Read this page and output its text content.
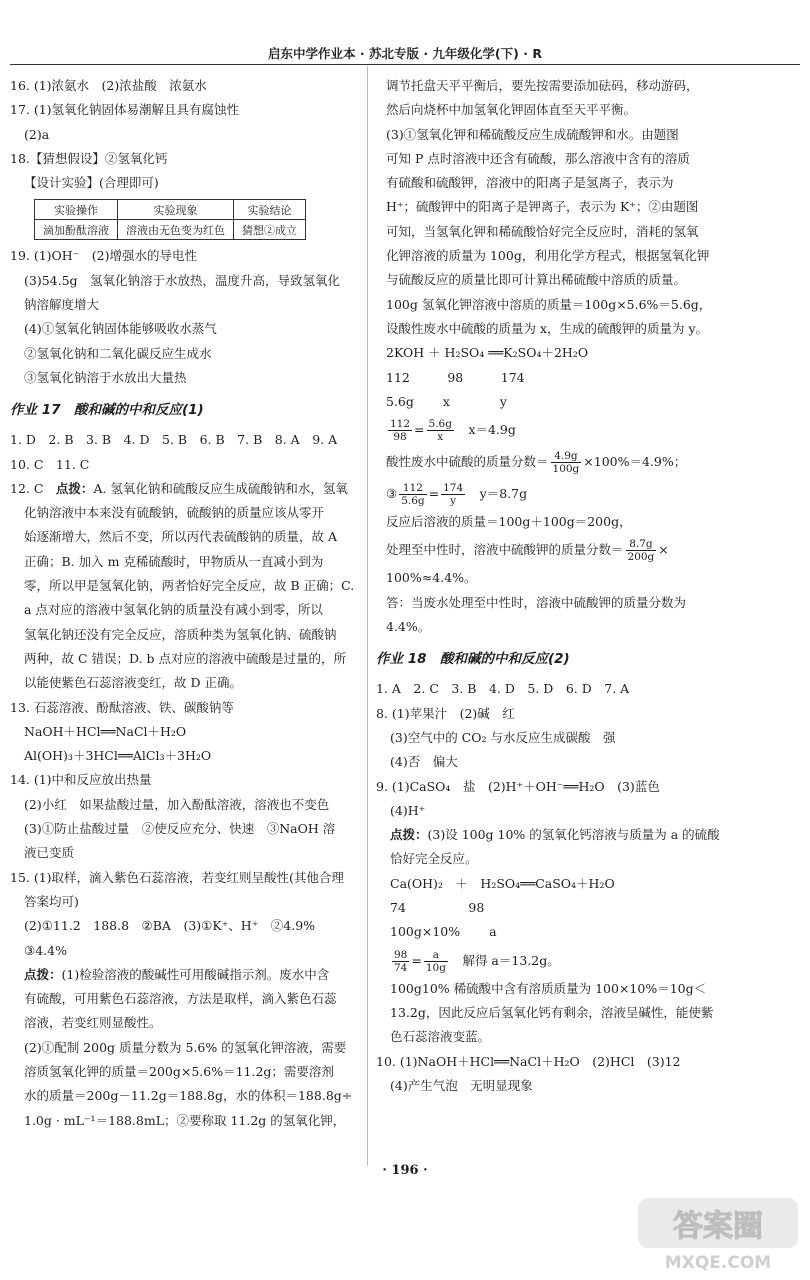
启东中学作业本 · 苏北专版 · 九年级化学(下) · R
16. (1)浓氨水　(2)浓盐酸　浓氨水
17. (1)氢氧化钠固体易潮解且具有腐蚀性
(2)a
18.【猜想假设】②氢氧化钙
【设计实验】(合理即可)
实验操作	实验现象	实验结论
滴加酚酞溶液	溶液由无色变为红色	猜想②成立
19. (1)OH⁻　(2)增强水的导电性
(3)54.5g　氢氧化钠溶于水放热，温度升高，导致氢氧化
钠溶解度增大
(4)①氢氧化钠固体能够吸收水蒸气
②氢氧化钠和二氧化碳反应生成水
③氢氧化钠溶于水放出大量热
作业 17　酸和碱的中和反应(1)
1. D　2. B　3. B　4. D　5. B　6. B　7. B　8. A　9. A
10. C　11. C
12. C　点拨：A. 氢氧化钠和硫酸反应生成硫酸钠和水，氢氧
化钠溶液中本来没有硫酸钠，硫酸钠的质量应该从零开
始逐渐增大，然后不变，所以丙代表硫酸钠的质量，故 A
正确；B. 加入 m 克稀硫酸时，甲物质从一直减小到为
零，所以甲是氢氧化钠，两者恰好完全反应，故 B 正确；C.
a 点对应的溶液中氢氧化钠的质量没有减小到零，所以
氢氧化钠还没有完全反应，溶质种类为氢氧化钠、硫酸钠
两种，故 C 错误；D. b 点对应的溶液中硫酸是过量的，所
以能使紫色石蕊溶液变红，故 D 正确。
13. 石蕊溶液、酚酞溶液、铁、碳酸钠等
NaOH＋HCl══NaCl＋H₂O
Al(OH)₃＋3HCl══AlCl₃＋3H₂O
14. (1)中和反应放出热量
(2)小红　如果盐酸过量，加入酚酞溶液，溶液也不变色
(3)①防止盐酸过量　②使反应充分、快速　③NaOH 溶
液已变质
15. (1)取样，滴入紫色石蕊溶液，若变红则呈酸性(其他合理
答案均可)
(2)①11.2　188.8　②BA　(3)①K⁺、H⁺　②4.9%
③4.4%
点拨：(1)检验溶液的酸碱性可用酸碱指示剂。废水中含
有硫酸，可用紫色石蕊溶液，方法是取样，滴入紫色石蕊
溶液，若变红则显酸性。
(2)①配制 200g 质量分数为 5.6% 的氢氧化钾溶液，需要
溶质氢氧化钾的质量＝200g×5.6%＝11.2g；需要溶剂
水的质量＝200g－11.2g＝188.8g，水的体积＝188.8g÷
1.0g · mL⁻¹＝188.8mL；②要称取 11.2g 的氢氧化钾，
调节托盘天平平衡后，要先按需要添加砝码，移动游码，
然后向烧杯中加氢氧化钾固体直至天平平衡。
(3)①氢氧化钾和稀硫酸反应生成硫酸钾和水。由题图
可知 P 点时溶液中还含有硫酸，那么溶液中含有的溶质
有硫酸和硫酸钾，溶液中的阳离子是氢离子，表示为
H⁺；硫酸钾中的阳离子是钾离子，表示为 K⁺；②由题图
可知，当氢氧化钾和稀硫酸恰好完全反应时，消耗的氢氧
化钾溶液的质量为 100g，利用化学方程式，根据氢氧化钾
与硫酸反应的质量比即可计算出稀硫酸中溶质的质量。
100g 氢氧化钾溶液中溶质的质量＝100g×5.6%＝5.6g，
设酸性废水中硫酸的质量为 x，生成的硫酸钾的质量为 y。
2KOH ＋ H₂SO₄ ══K₂SO₄＋2H₂O
112　　　98　　　174
5.6g　　 x　　　　y
$\frac{112}{98} = \frac{5.6g}{x}$ 　x＝4.9g
酸性废水中硫酸的质量分数＝ $\frac{4.9g}{100g} \times 100\%=4.9\%$；
③ $\frac{112}{5.6g} = \frac{174}{y}$ 　y＝8.7g
反应后溶液的质量＝100g＋100g＝200g，
处理至中性时，溶液中硫酸钾的质量分数＝ $\frac{8.7g}{200g}$ ×
100%≈4.4%。
答：当废水处理至中性时，溶液中硫酸钾的质量分数为
4.4%。
作业 18　酸和碱的中和反应(2)
1. A　2. C　3. B　4. D　5. D　6. D　7. A
8. (1)苹果汁　(2)碱　红
(3)空气中的 CO₂ 与水反应生成碳酸　强
(4)否　偏大
9. (1)CaSO₄　盐　(2)H⁺＋OH⁻══H₂O　(3)蓝色
(4)H⁺
点拨：(3)设 100g 10% 的氢氧化钙溶液与质量为 a 的硫酸
恰好完全反应。
Ca(OH)₂　＋　H₂SO₄══CaSO₄＋H₂O
74　　　　　98
100g×10%　　 a
$\frac{98}{74} = \frac{a}{10g}$ 　解得 a＝13.2g。
100g10% 稀硫酸中含有溶质质量为 100×10%＝10g＜
13.2g，因此反应后氢氧化钙有剩余，溶液呈碱性，能使紫
色石蕊溶液变蓝。
10. (1)NaOH＋HCl══NaCl＋H₂O　(2)HCl　(3)12
(4)产生气泡　无明显现象
· 196 ·
答案圈
MXQE.COM
